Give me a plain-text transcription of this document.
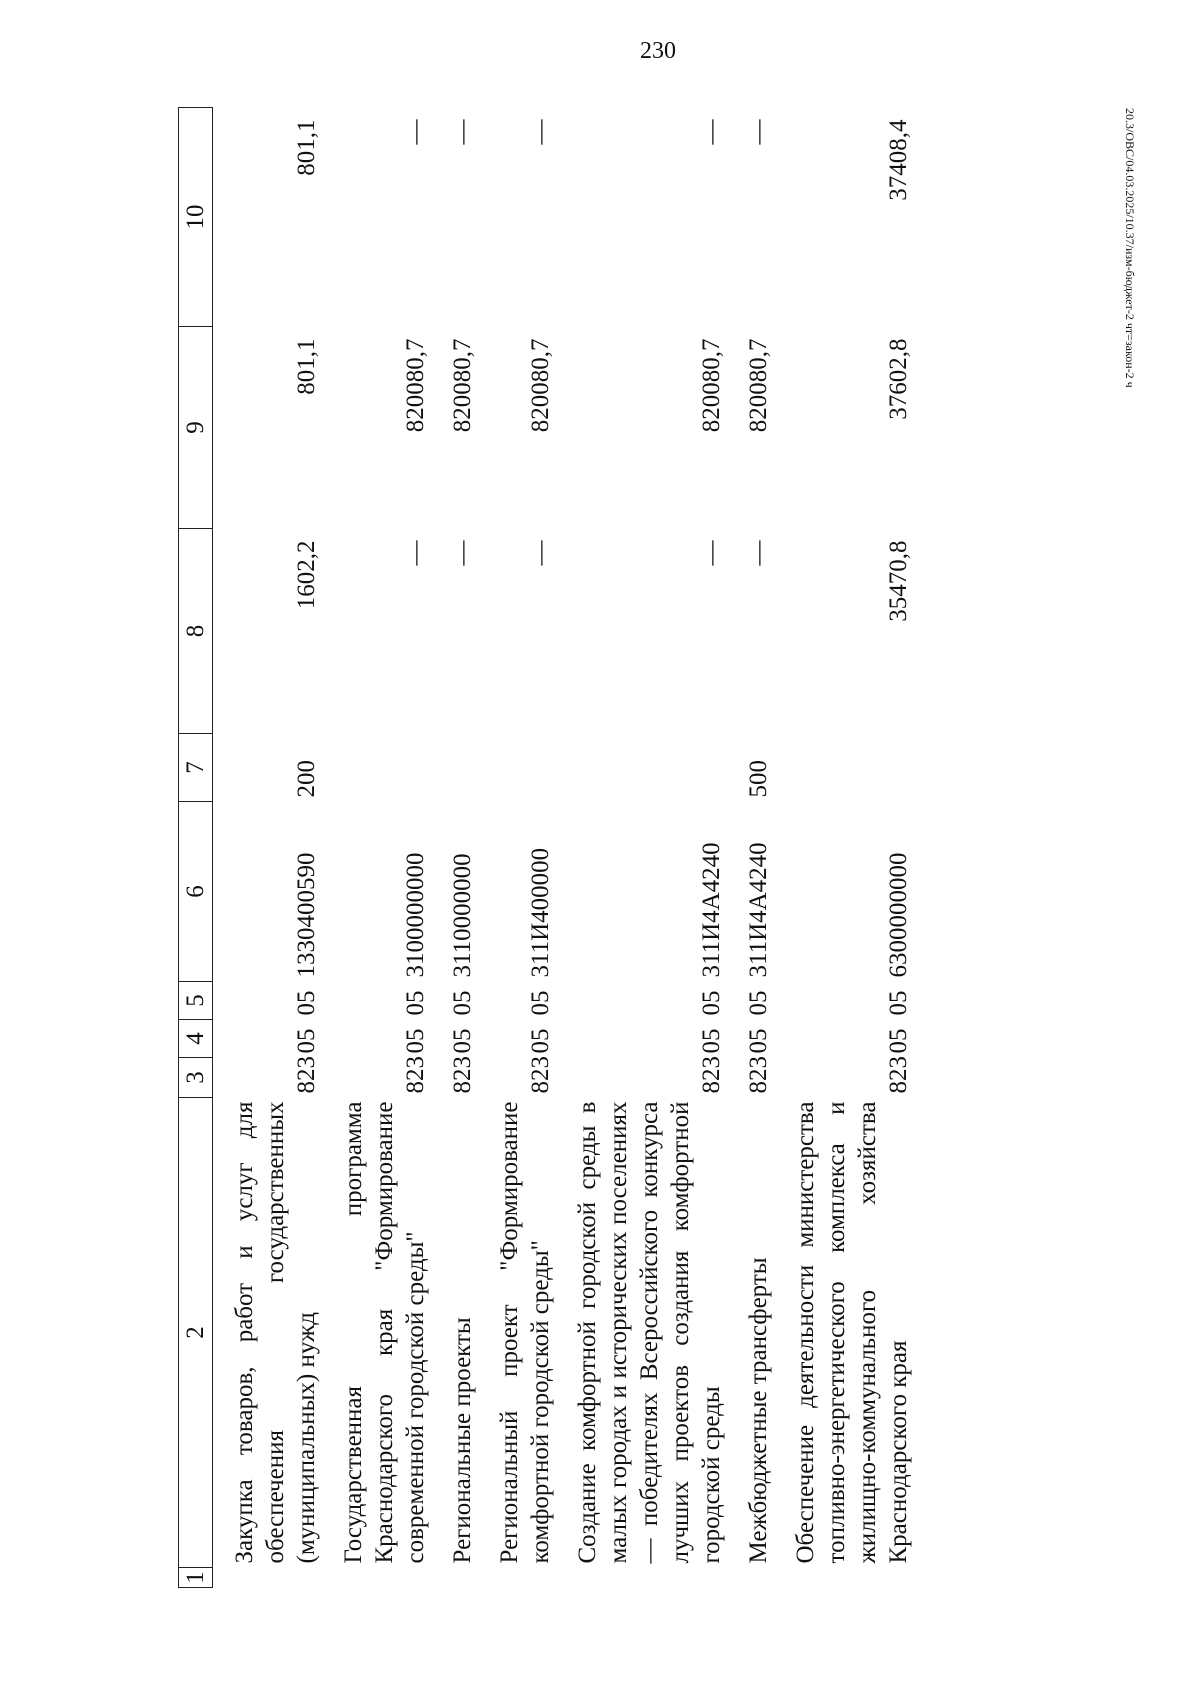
230
20.3/ОВС/04.03.2025/10.37/изм-бюджет-2 чт=закон-2 ч
1	2	3	4	5	6	7	8	9	10
	Закупка товаров, работ и услуг для обеспечения государственных (муниципальных) нужд	823	05	05	1330400590	200	1602,2	801,1	801,1
	Государственная программа Краснодарского края "Формирование современной городской среды"	823	05	05	3100000000		—	820080,7	—
	Региональные проекты	823	05	05	3110000000		—	820080,7	—
	Региональный проект "Формирование комфортной городской среды"	823	05	05	311И400000		—	820080,7	—
	Создание комфортной городской среды в малых городах и исторических поселениях — победителях Всероссийского конкурса лучших проектов создания комфортной городской среды	823	05	05	311И4А4240		—	820080,7	—
	Межбюджетные трансферты	823	05	05	311И4А4240	500	—	820080,7	—
	Обеспечение деятельности министерства топливно-энергетического комплекса и жилищно-коммунального хозяйства Краснодарского края	823	05	05	6300000000		35470,8	37602,8	37408,4
